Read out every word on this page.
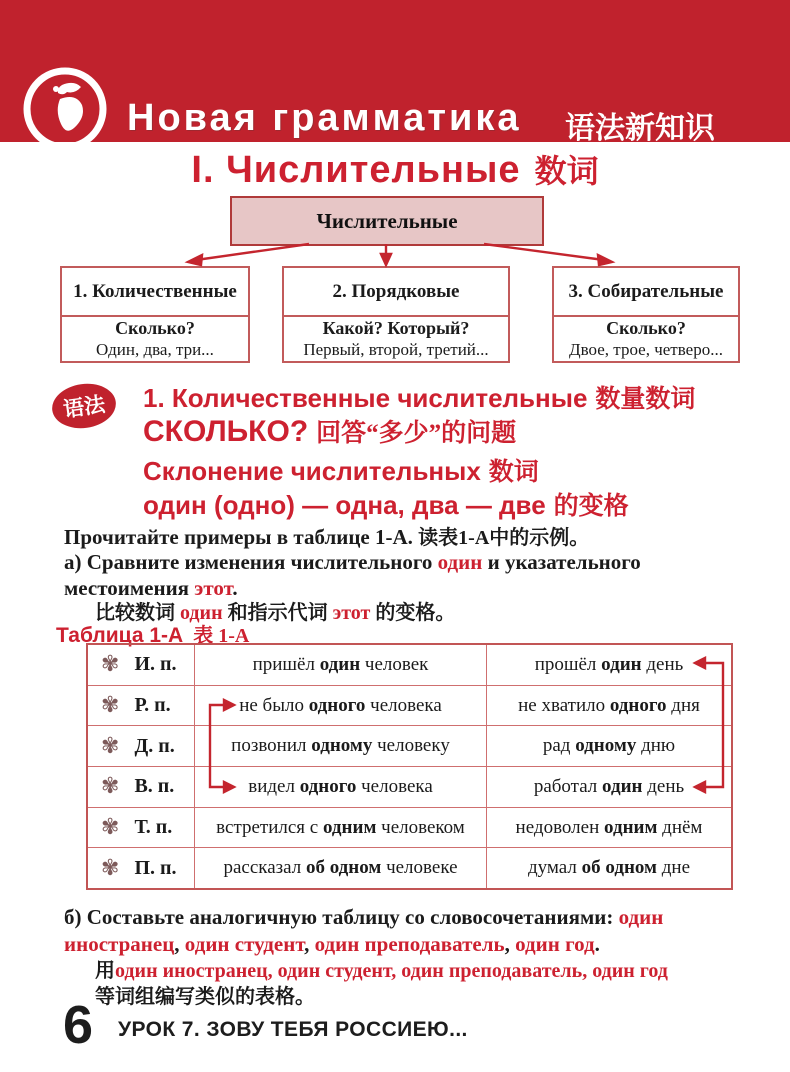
Новая грамматика	语法新知识
I. Числительные 数词
Числительные
1. Количественные
Сколько?
Один, два, три...
2. Порядковые
Какой? Который?
Первый, второй, третий...
3. Собирательные
Сколько?
Двое, трое, четверо...
语法	1. Количественные числительные 数量数词
СКОЛЬКО? 回答“多少”的问题
Склонение числительных 数词
один (одно) — одна, два — две 的变格
Прочитайте примеры в таблице 1-А. 读表1-А中的示例。
а) Сравните изменения числительного один и указательного
местоимения этот.
比较数词 один 和指示代词 этот 的变格。
Таблица 1-А 表 1-А
✾ И. п.	пришёл один человек	прошёл один день
✾ Р. п.	не было одного человека	не хватило одного дня
✾ Д. п.	позвонил одному человеку	рад одному дню
✾ В. п.	видел одного человека	работал один день
✾ Т. п. встретился с одним человеком	недоволен одним днём
✾ П. п. рассказал об одном человеке	думал об одном дне
б) Составьте аналогичную таблицу со словосочетаниями: один иностранец, один студент, один преподаватель, один год.
用один иностранец, один студент, один преподаватель, один год
等词组编写类似的表格。
6 УРОК 7. ЗОВУ ТЕБЯ РОССИЕЮ...
